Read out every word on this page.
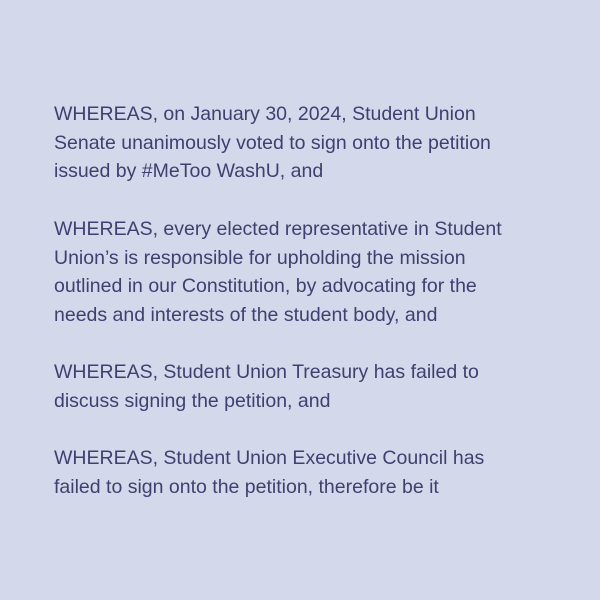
WHEREAS, on January 30, 2024, Student Union
Senate unanimously voted to sign onto the petition
issued by #MeToo WashU, and

WHEREAS, every elected representative in Student
Union’s is responsible for upholding the mission
outlined in our Constitution, by advocating for the
needs and interests of the student body, and

WHEREAS, Student Union Treasury has failed to
discuss signing the petition, and

WHEREAS, Student Union Executive Council has
failed to sign onto the petition, therefore be it
